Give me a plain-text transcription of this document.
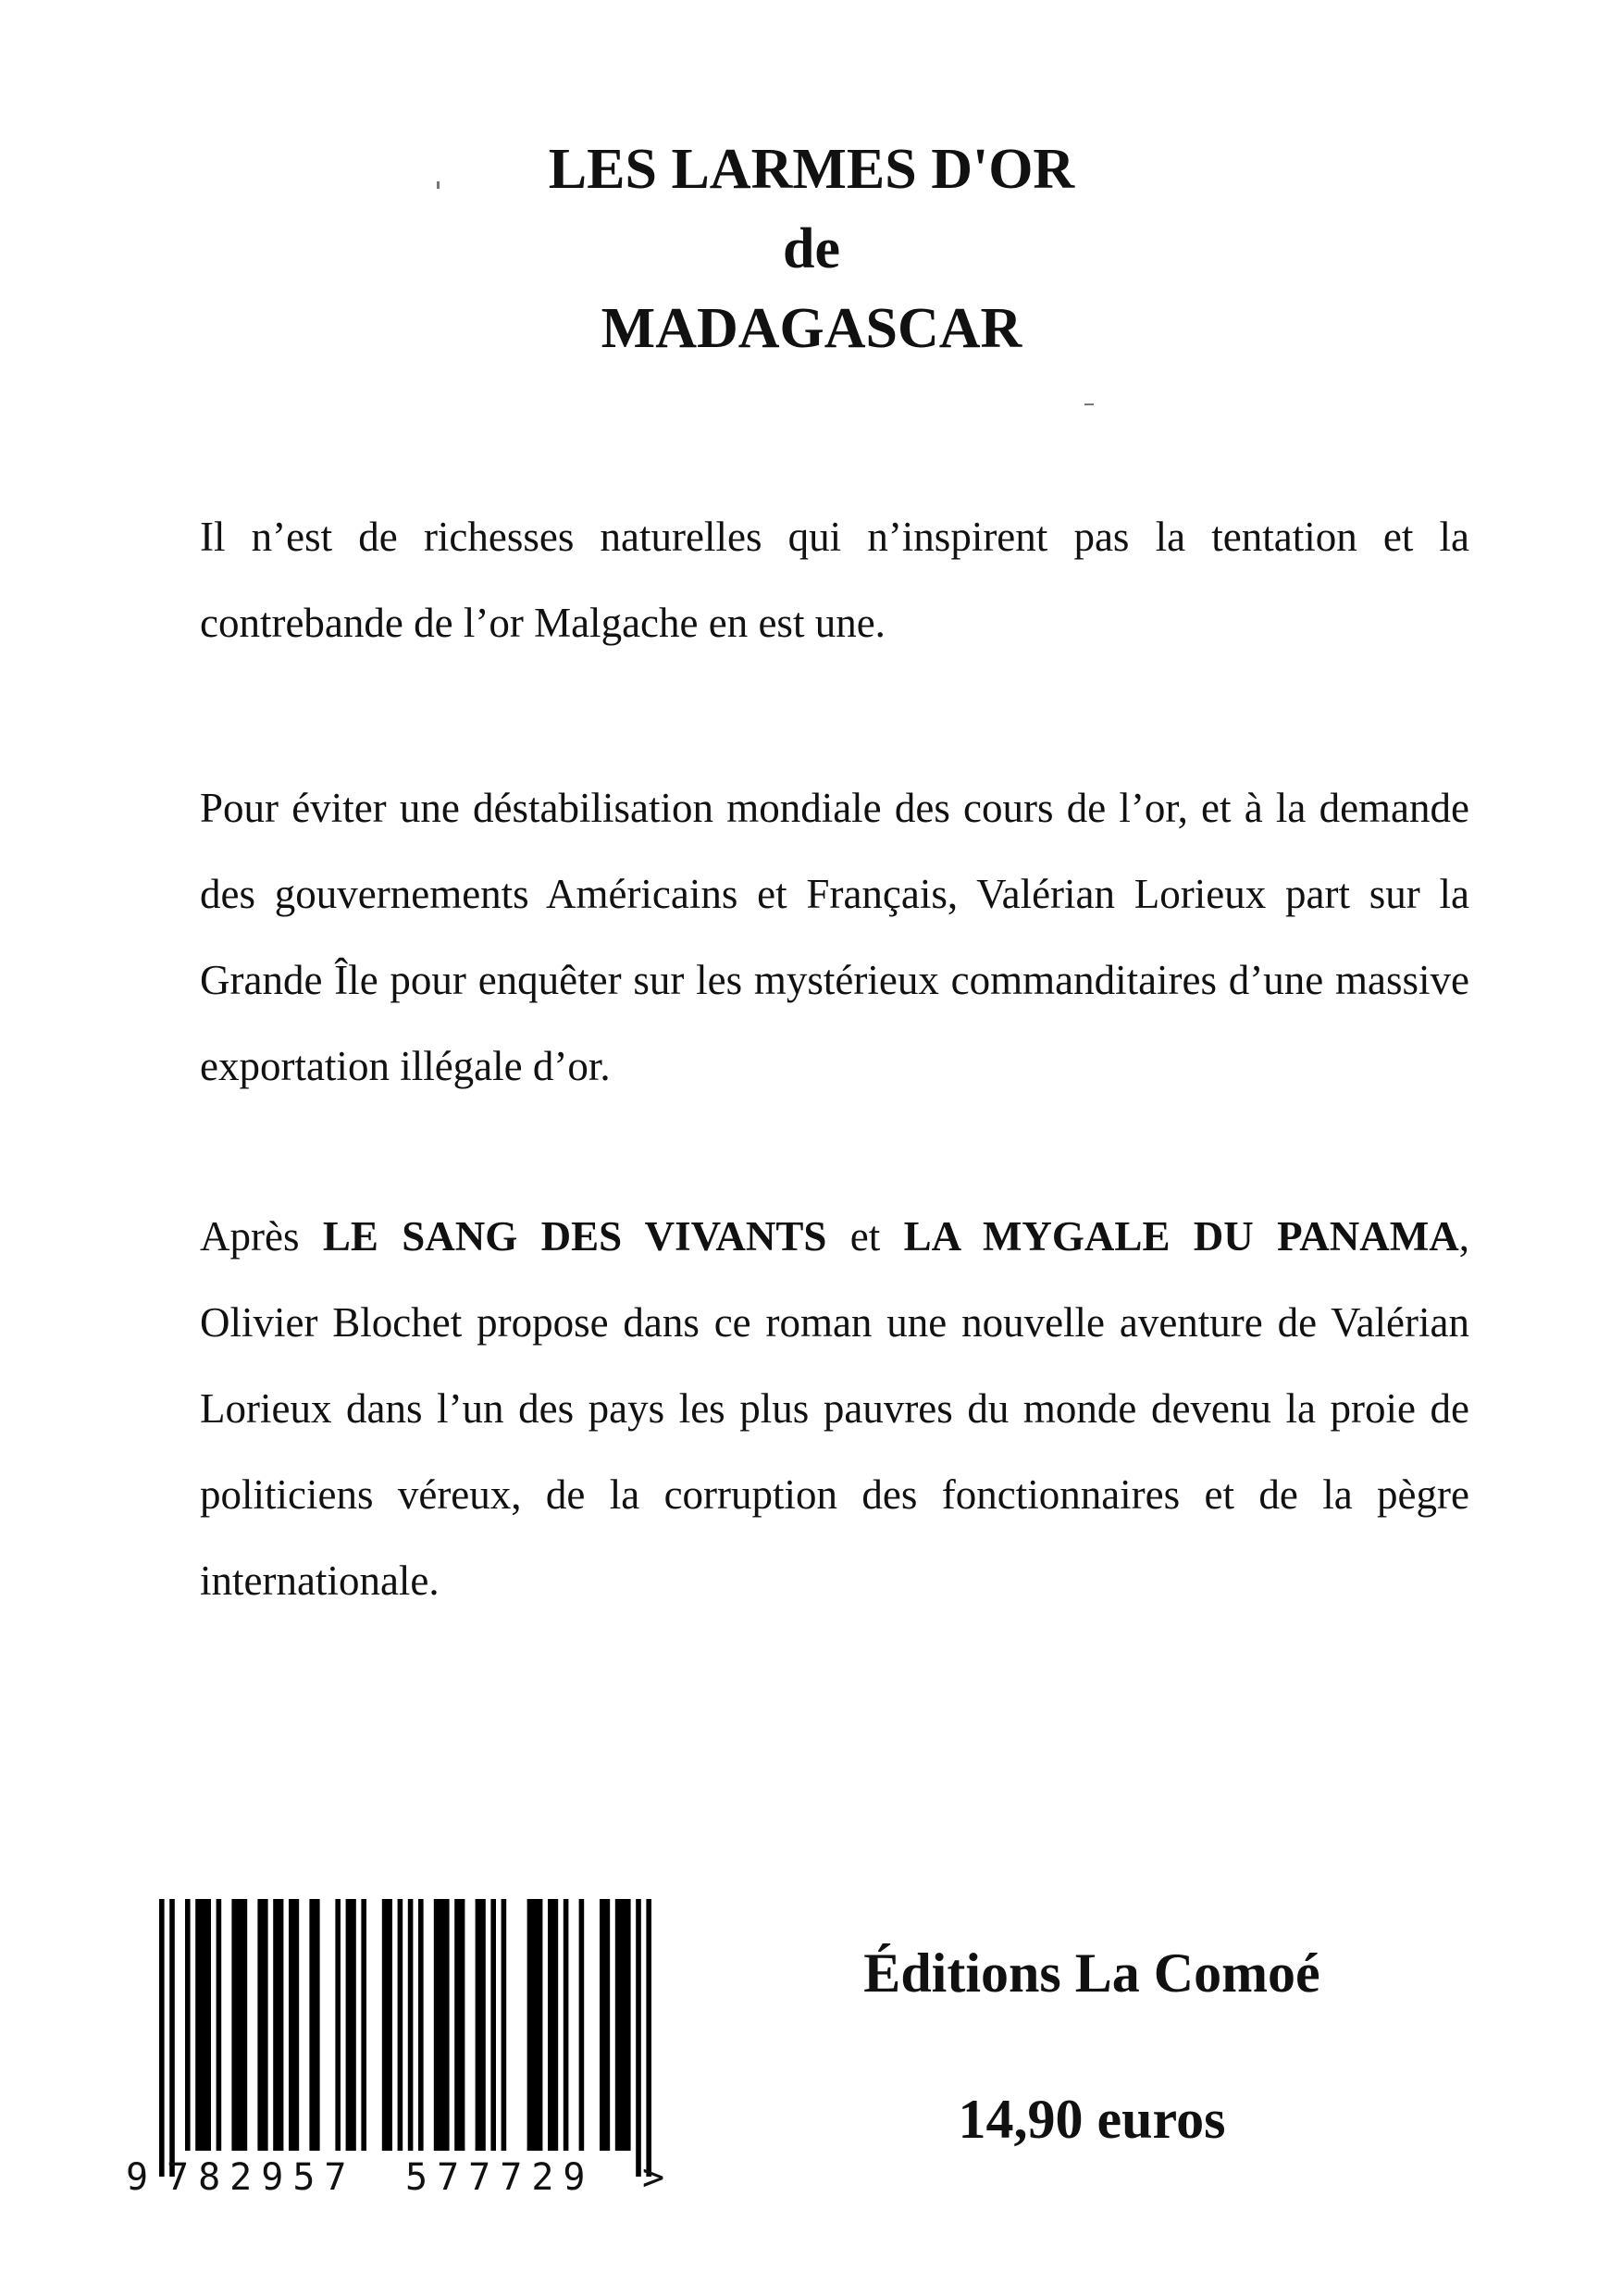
LES LARMES D'OR
de
MADAGASCAR

Il n’est de richesses naturelles qui n’inspirent pas la tentation et la contrebande de l’or Malgache en est une.

Pour éviter une déstabilisation mondiale des cours de l’or, et à la demande des gouvernements Américains et Français, Valérian Lorieux part sur la Grande Île pour enquêter sur les mystérieux commanditaires d’une massive exportation illégale d’or.

Après LE SANG DES VIVANTS et LA MYGALE DU PANAMA, Olivier Blochet propose dans ce roman une nouvelle aventure de Valérian Lorieux dans l’un des pays les plus pauvres du monde devenu la proie de politiciens véreux, de la corruption des fonctionnaires et de la pègre internationale.

9 782957 577729 >
Éditions La Comoé
14,90 euros
